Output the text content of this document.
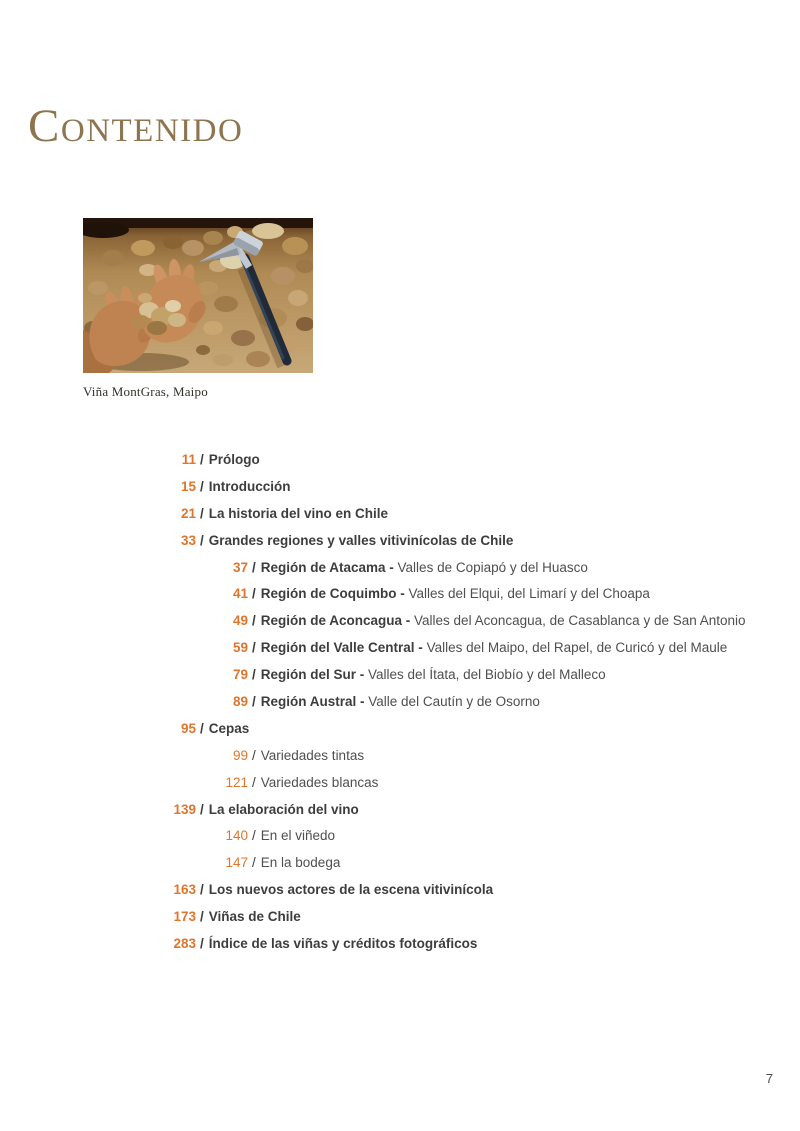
CONTENIDO
Viña MontGras, Maipo
11 / Prólogo
15 / Introducción
21 / La historia del vino en Chile
33 / Grandes regiones y valles vitivinícolas de Chile
37 / Región de Atacama - Valles de Copiapó y del Huasco
41 / Región de Coquimbo - Valles del Elqui, del Limarí y del Choapa
49 / Región de Aconcagua - Valles del Aconcagua, de Casablanca y de San Antonio
59 / Región del Valle Central - Valles del Maipo, del Rapel, de Curicó y del Maule
79 / Región del Sur - Valles del Ítata, del Biobío y del Malleco
89 / Región Austral - Valle del Cautín y de Osorno
95 / Cepas
99 / Variedades tintas
121 / Variedades blancas
139 / La elaboración del vino
140 / En el viñedo
147 / En la bodega
163 / Los nuevos actores de la escena vitivinícola
173 / Viñas de Chile
283 / Índice de las viñas y créditos fotográficos
7
